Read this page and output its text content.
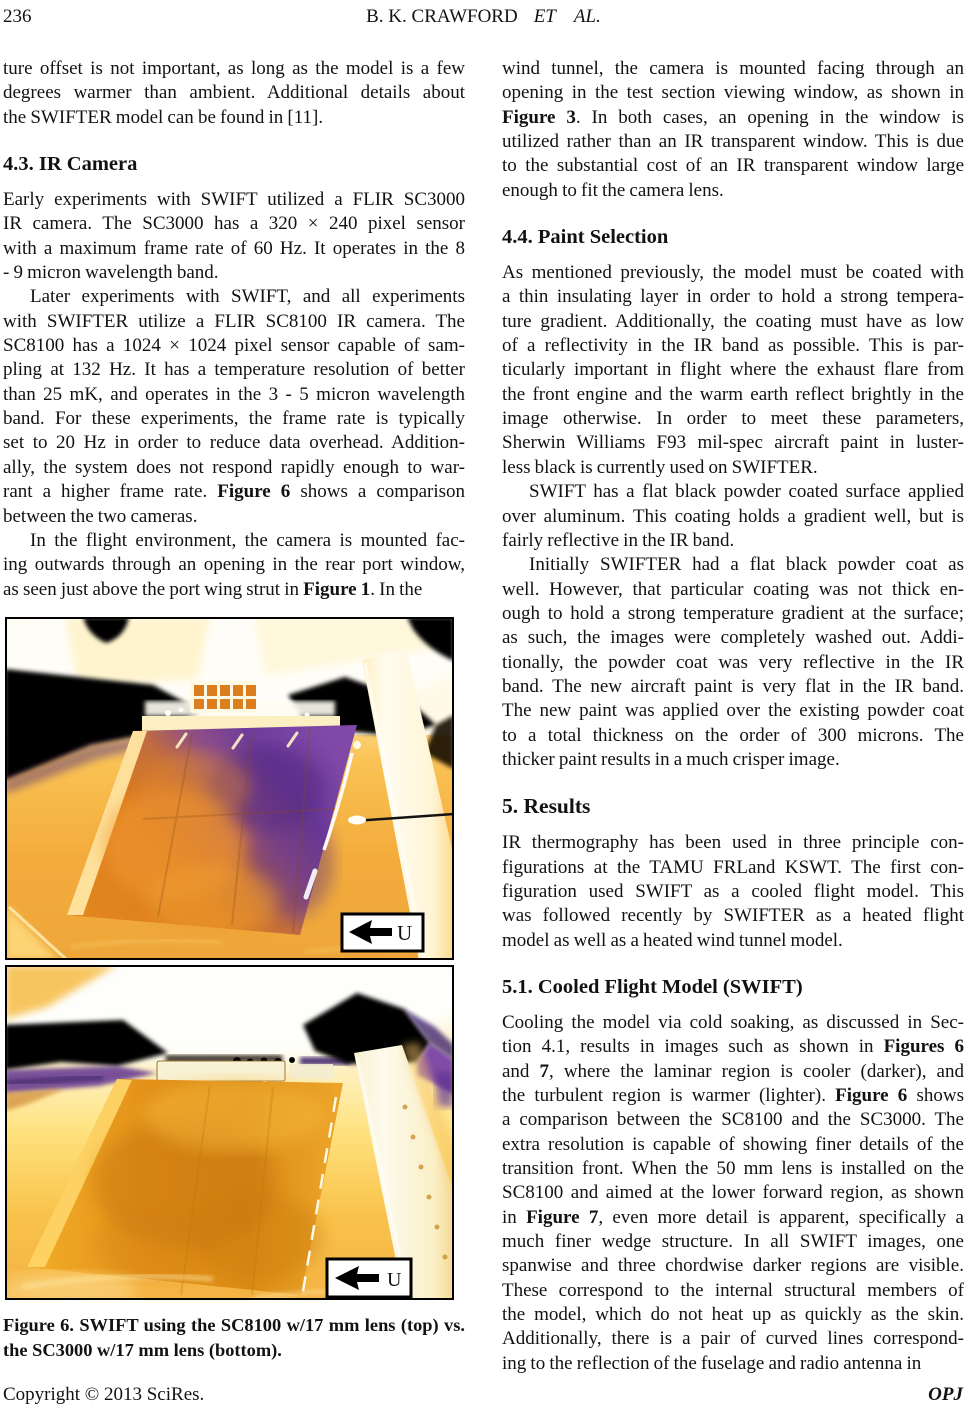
236	B. K. CRAWFORD ET AL.
ture offset is not important, as long as the model is a few
degrees warmer than ambient. Additional details about
the SWIFTER model can be found in [11].
4.3. IR Camera
Early experiments with SWIFT utilized a FLIR SC3000
IR camera. The SC3000 has a 320 × 240 pixel sensor
with a maximum frame rate of 60 Hz. It operates in the 8
- 9 micron wavelength band.
Later experiments with SWIFT, and all experiments
with SWIFTER utilize a FLIR SC8100 IR camera. The
SC8100 has a 1024 × 1024 pixel sensor capable of sam-
pling at 132 Hz. It has a temperature resolution of better
than 25 mK, and operates in the 3 - 5 micron wavelength
band. For these experiments, the frame rate is typically
set to 20 Hz in order to reduce data overhead. Addition-
ally, the system does not respond rapidly enough to war-
rant a higher frame rate. Figure 6 shows a comparison
between the two cameras.
In the flight environment, the camera is mounted fac-
ing outwards through an opening in the rear port window,
as seen just above the port wing strut in Figure 1. In the
U
U
Figure 6. SWIFT using the SC8100 w/17 mm lens (top) vs.
the SC3000 w/17 mm lens (bottom).
wind tunnel, the camera is mounted facing through an
opening in the test section viewing window, as shown in
Figure 3. In both cases, an opening in the window is
utilized rather than an IR transparent window. This is due
to the substantial cost of an IR transparent window large
enough to fit the camera lens.
4.4. Paint Selection
As mentioned previously, the model must be coated with
a thin insulating layer in order to hold a strong tempera-
ture gradient. Additionally, the coating must have as low
of a reflectivity in the IR band as possible. This is par-
ticularly important in flight where the exhaust flare from
the front engine and the warm earth reflect brightly in the
image otherwise. In order to meet these parameters,
Sherwin Williams F93 mil-spec aircraft paint in luster-
less black is currently used on SWIFTER.
SWIFT has a flat black powder coated surface applied
over aluminum. This coating holds a gradient well, but is
fairly reflective in the IR band.
Initially SWIFTER had a flat black powder coat as
well. However, that particular coating was not thick en-
ough to hold a strong temperature gradient at the surface;
as such, the images were completely washed out. Addi-
tionally, the powder coat was very reflective in the IR
band. The new aircraft paint is very flat in the IR band.
The new paint was applied over the existing powder coat
to a total thickness on the order of 300 microns. The
thicker paint results in a much crisper image.
5. Results
IR thermography has been used in three principle con-
figurations at the TAMU FRLand KSWT. The first con-
figuration used SWIFT as a cooled flight model. This
was followed recently by SWIFTER as a heated flight
model as well as a heated wind tunnel model.
5.1. Cooled Flight Model (SWIFT)
Cooling the model via cold soaking, as discussed in Sec-
tion 4.1, results in images such as shown in Figures 6
and 7, where the laminar region is cooler (darker), and
the turbulent region is warmer (lighter). Figure 6 shows
a comparison between the SC8100 and the SC3000. The
extra resolution is capable of showing finer details of the
transition front. When the 50 mm lens is installed on the
SC8100 and aimed at the lower forward region, as shown
in Figure 7, even more detail is apparent, specifically a
much finer wedge structure. In all SWIFT images, one
spanwise and three chordwise darker regions are visible.
These correspond to the internal structural members of
the model, which do not heat up as quickly as the skin.
Additionally, there is a pair of curved lines correspond-
ing to the reflection of the fuselage and radio antenna in
Copyright © 2013 SciRes.	OPJ
